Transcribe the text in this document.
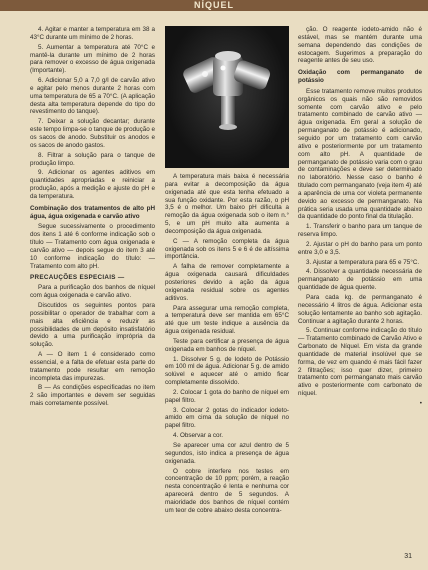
NÍQUEL

4. Agitar e manter a temperatura em 38 a 43°C durante um mínimo de 2 horas.

5. Aumentar a temperatura até 70°C e mantê-la durante um mínimo de 2 horas para remover o excesso de água oxigenada (Importante).

6. Adicionar 5,0 a 7,0 g/l de carvão ativo e agitar pelo menos durante 2 horas com uma temperatura de 65 a 70°C. (A aplicação desta alta temperatura depende do tipo do revestimento do tanque).

7. Deixar a solução decantar; durante este tempo limpa-se o tanque de produção e os sacos de anodo. Substituir os anodos e os sacos de anodo gastos.

8. Filtrar a solução para o tanque de produção limpo.

9. Adicionar os agentes aditivos em quantidades apropriadas e reiniciar a produção, após a medição e ajuste do pH e da temperatura.

Combinação dos tratamentos de alto pH água, água oxigenada e carvão ativo

Segue sucessivamente o procedimento dos itens 1 até 6 conforme indicação sob o título — Tratamento com água oxigenada e carvão ativo — depois segue do item 3 até 10 conforme indicação do título: — Tratamento com alto pH.

PRECAUÇÕES ESPECIAIS —

Para a purificação dos banhos de níquel com água oxigenada e carvão ativo.

Discutidos os seguintes pontos para possibilitar o operador de trabalhar com a mais alta eficiência e reduzir as possibilidades de um depósito insatisfatório devido a uma purificação imprópria da solução.

A — O item 1 é considerado como essencial, e a falta de efetuar esta parte do tratamento pode resultar em remoção incompleta das impurezas.

B — As condições especificadas no item 2 são importantes e devem ser seguidas mais corretamente possível.

A temperatura mais baixa é necessária para evitar a decomposição da água oxigenada até que esta tenha efetuado a sua função oxidante. Por esta razão, o pH 3,5 é o melhor. Um baixo pH dificulta a remoção da água oxigenada sob o item n.° 5, e um pH muito alta aumenta a decomposição da água oxigenada.

C — A remoção completa da água oxigenada sob os itens 5 e 6 é de altíssima importância.

A falha de remover completamente a água oxigenada causará dificuldades posteriores devido a ação da água oxigenada residual sobre os agentes aditivos.

Para assegurar uma remoção completa, a temperatura deve ser mantida em 65°C até que um teste indique a ausência da água oxigenada residual.

Teste para certificar a presença de água oxigenada em banhos de níquel.

1. Dissolver 5 g. de Iodeto de Potássio em 100 ml de água. Adicionar 5 g. de amido solúvel e aquecer até o amido ficar completamente dissolvido.

2. Colocar 1 gota do banho de níquel em papel filtro.

3. Colocar 2 gotas do indicador iodeto-amido em cima da solução de níquel no papel filtro.

4. Observar a cor.

Se aparecer uma cor azul dentro de 5 segundos, isto indica a presença de água oxigenada.

O cobre interfere nos testes em concentração de 10 ppm; porém, a reação nesta concentração é lenta e nenhuma cor aparecerá dentro de 5 segundos. A maioridade dos banhos de níquel contém um teor de cobre abaixo desta concentra-

ção. O reagente iodeto-amido não é estável, mas se mantém durante uma semana dependendo das condições de estocagem. Sugerimos a preparação do reagente antes de seu uso.

Oxidação com permanganato de potássio

Esse tratamento remove muitos produtos orgânicos os quais não são removidos somente com carvão ativo e pelo tratamento combinado de carvão ativo — água oxigenada. Em geral a solução de permanganato de potássio é adicionado, seguido por um tratamento com carvão ativo e posteriormente por um tratamento com alto pH. A quantidade de permanganato de potássio varia com o grau de contaminações e deve ser determinado no laboratório. Nesse caso o banho é titulado com permanganato (veja item 4) até a aparência de uma cor violeta permanente devido ao excesso de permanganato. Na prática seria usada uma quantidade abaixo da quantidade do ponto final da titulação.

1. Transferir o banho para um tanque de reserva limpo.

2. Ajustar o pH do banho para um ponto entre 3,0 e 3,5.

3. Ajustar a temperatura para 65 e 75°C.

4. Dissolver a quantidade necessária de permanganato de potássio em uma quantidade de água quente.

Para cada kg. de permanganato é necessário 4 litros de água. Adicionar esta solução lentamente ao banho sob agitação. Continuar a agitação durante 2 horas.

5. Continuar conforme indicação do título — Tratamento combinado de Carvão Ativo e Carbonato de Níquel. Em vista da grande quantidade de material insolúvel que se forma, de vez em quando é mais fácil fazer 2 filtrações; isso quer dizer, primeiro tratamento com permanganato mais carvão ativo e posteriormente com carbonato de níquel.

•

31
